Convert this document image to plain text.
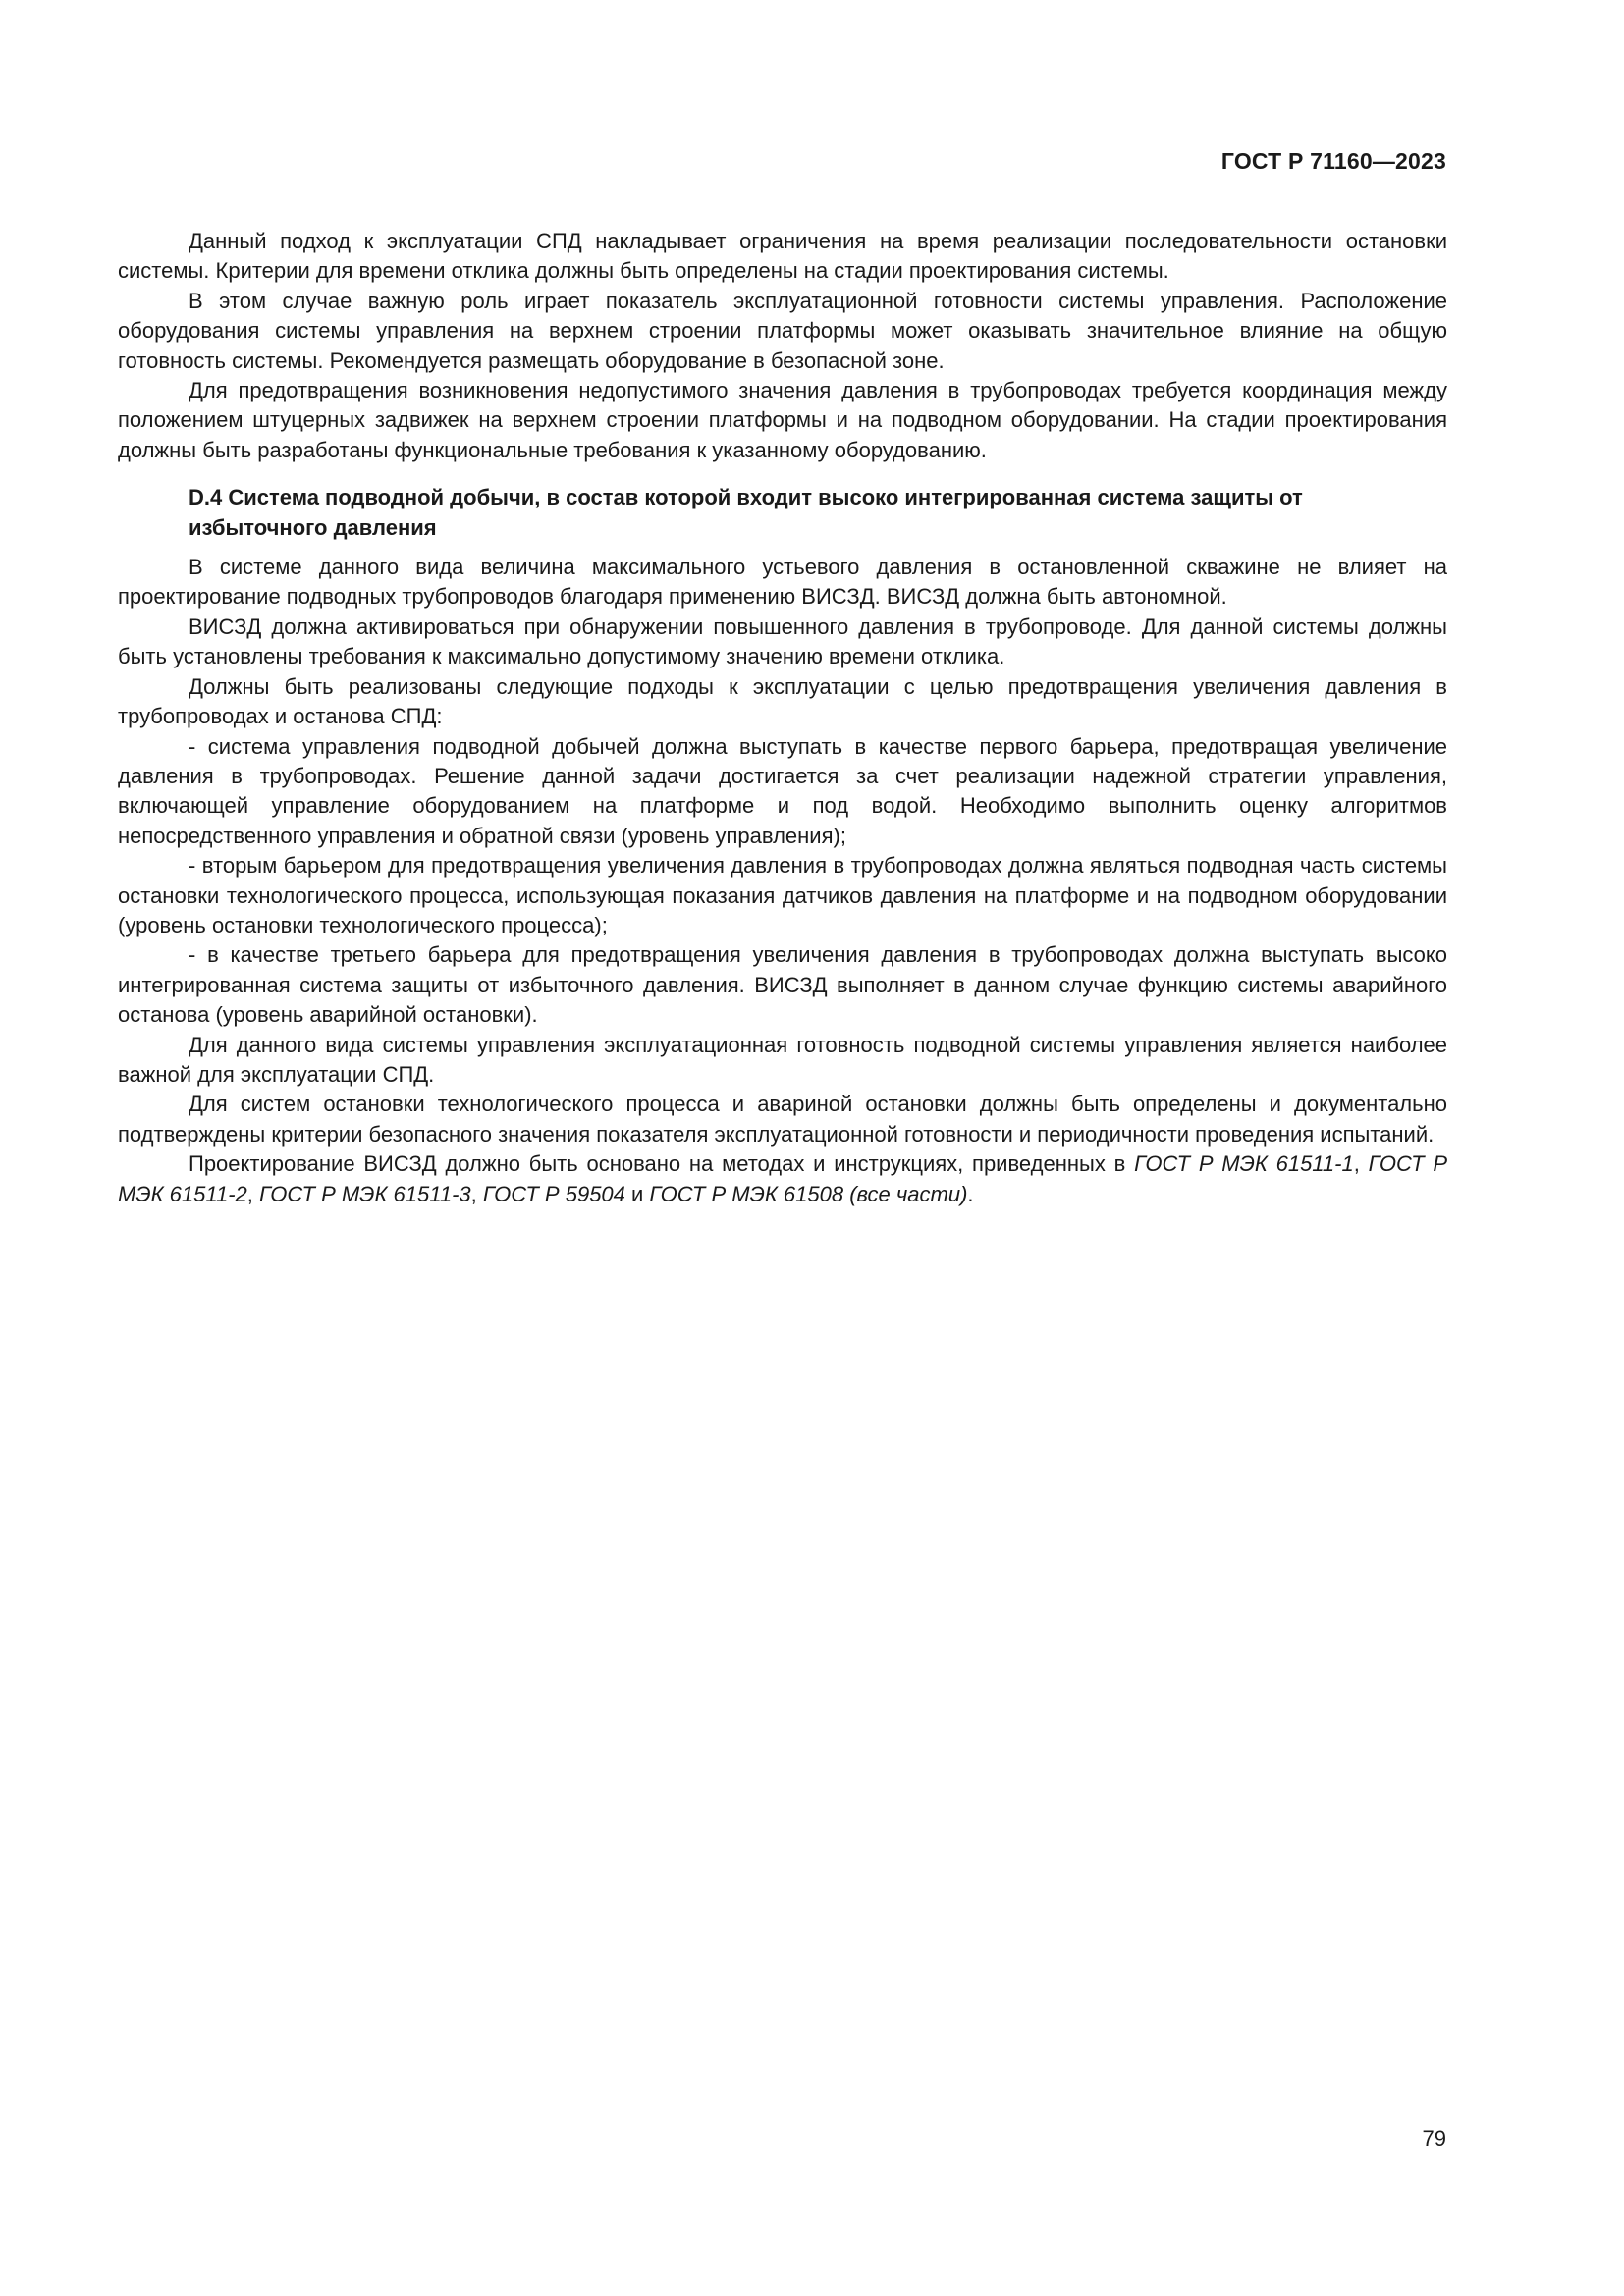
ГОСТ Р 71160—2023

Данный подход к эксплуатации СПД накладывает ограничения на время реализации последовательности остановки системы. Критерии для времени отклика должны быть определены на стадии проектирования системы.

В этом случае важную роль играет показатель эксплуатационной готовности системы управления. Расположение оборудования системы управления на верхнем строении платформы может оказывать значительное влияние на общую готовность системы. Рекомендуется размещать оборудование в безопасной зоне.

Для предотвращения возникновения недопустимого значения давления в трубопроводах требуется координация между положением штуцерных задвижек на верхнем строении платформы и на подводном оборудовании. На стадии проектирования должны быть разработаны функциональные требования к указанному оборудованию.

D.4 Система подводной добычи, в состав которой входит высоко интегрированная система защиты от избыточного давления

В системе данного вида величина максимального устьевого давления в остановленной скважине не влияет на проектирование подводных трубопроводов благодаря применению ВИСЗД. ВИСЗД должна быть автономной.

ВИСЗД должна активироваться при обнаружении повышенного давления в трубопроводе. Для данной системы должны быть установлены требования к максимально допустимому значению времени отклика.

Должны быть реализованы следующие подходы к эксплуатации с целью предотвращения увеличения давления в трубопроводах и останова СПД:

- система управления подводной добычей должна выступать в качестве первого барьера, предотвращая увеличение давления в трубопроводах. Решение данной задачи достигается за счет реализации надежной стратегии управления, включающей управление оборудованием на платформе и под водой. Необходимо выполнить оценку алгоритмов непосредственного управления и обратной связи (уровень управления);

- вторым барьером для предотвращения увеличения давления в трубопроводах должна являться подводная часть системы остановки технологического процесса, использующая показания датчиков давления на платформе и на подводном оборудовании (уровень остановки технологического процесса);

- в качестве третьего барьера для предотвращения увеличения давления в трубопроводах должна выступать высоко интегрированная система защиты от избыточного давления. ВИСЗД выполняет в данном случае функцию системы аварийного останова (уровень аварийной остановки).

Для данного вида системы управления эксплуатационная готовность подводной системы управления является наиболее важной для эксплуатации СПД.

Для систем остановки технологического процесса и авариной остановки должны быть определены и документально подтверждены критерии безопасного значения показателя эксплуатационной готовности и периодичности проведения испытаний.

Проектирование ВИСЗД должно быть основано на методах и инструкциях, приведенных в ГОСТ Р МЭК 61511-1, ГОСТ Р МЭК 61511-2, ГОСТ Р МЭК 61511-3, ГОСТ Р 59504 и ГОСТ Р МЭК 61508 (все части).

79
